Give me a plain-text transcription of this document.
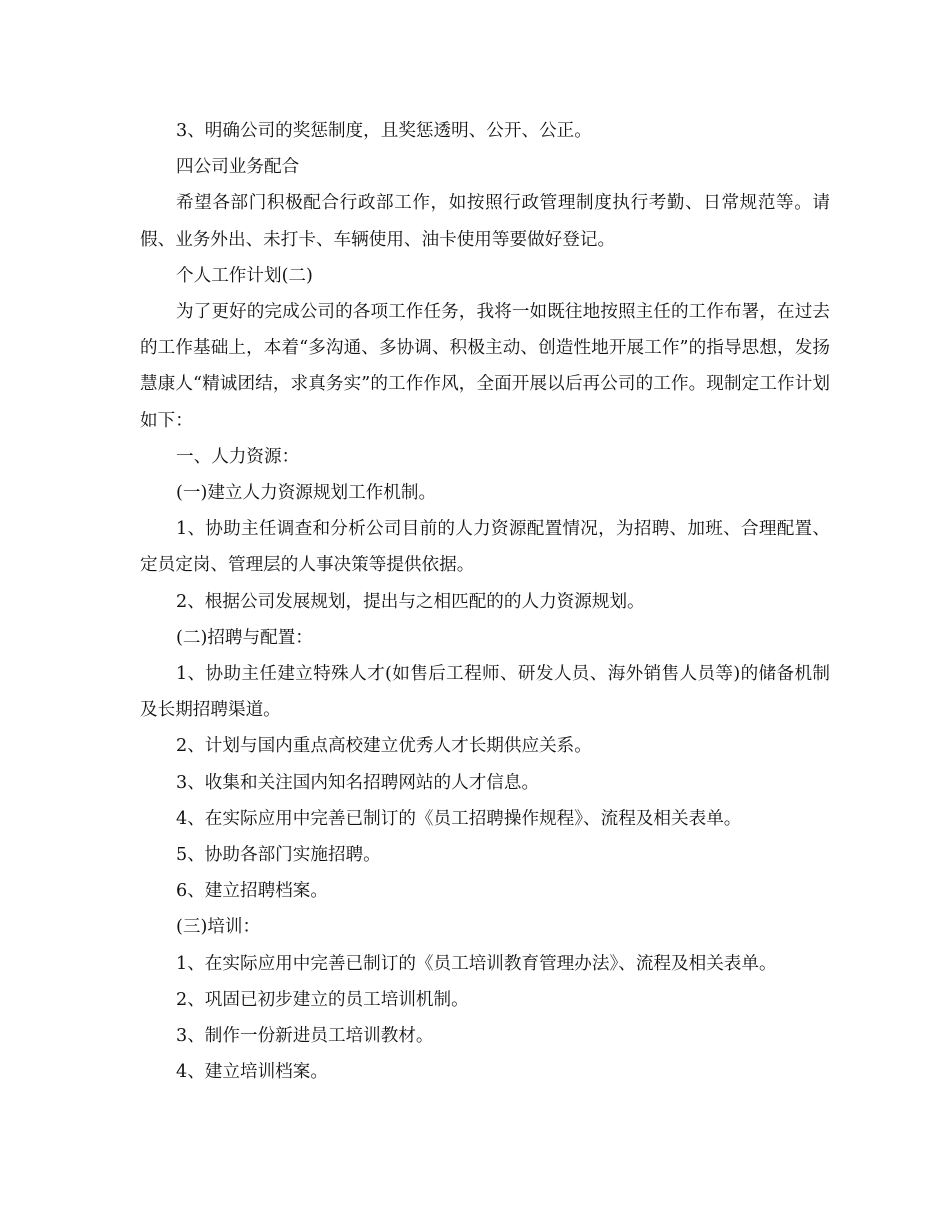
3、明确公司的奖惩制度，且奖惩透明、公开、公正。

四公司业务配合

希望各部门积极配合行政部工作，如按照行政管理制度执行考勤、日常规范等。请假、业务外出、未打卡、车辆使用、油卡使用等要做好登记。

个人工作计划(二)

为了更好的完成公司的各项工作任务，我将一如既往地按照主任的工作布署，在过去的工作基础上，本着“多沟通、多协调、积极主动、创造性地开展工作”的指导思想，发扬慧康人“精诚团结，求真务实”的工作作风，全面开展以后再公司的工作。现制定工作计划如下：

一、人力资源：

(一)建立人力资源规划工作机制。

1、协助主任调查和分析公司目前的人力资源配置情况，为招聘、加班、合理配置、定员定岗、管理层的人事决策等提供依据。

2、根据公司发展规划，提出与之相匹配的的人力资源规划。

(二)招聘与配置：

1、协助主任建立特殊人才(如售后工程师、研发人员、海外销售人员等)的储备机制及长期招聘渠道。

2、计划与国内重点高校建立优秀人才长期供应关系。

3、收集和关注国内知名招聘网站的人才信息。

4、在实际应用中完善已制订的《员工招聘操作规程》、流程及相关表单。

5、协助各部门实施招聘。

6、建立招聘档案。

(三)培训：

1、在实际应用中完善已制订的《员工培训教育管理办法》、流程及相关表单。

2、巩固已初步建立的员工培训机制。

3、制作一份新进员工培训教材。

4、建立培训档案。
